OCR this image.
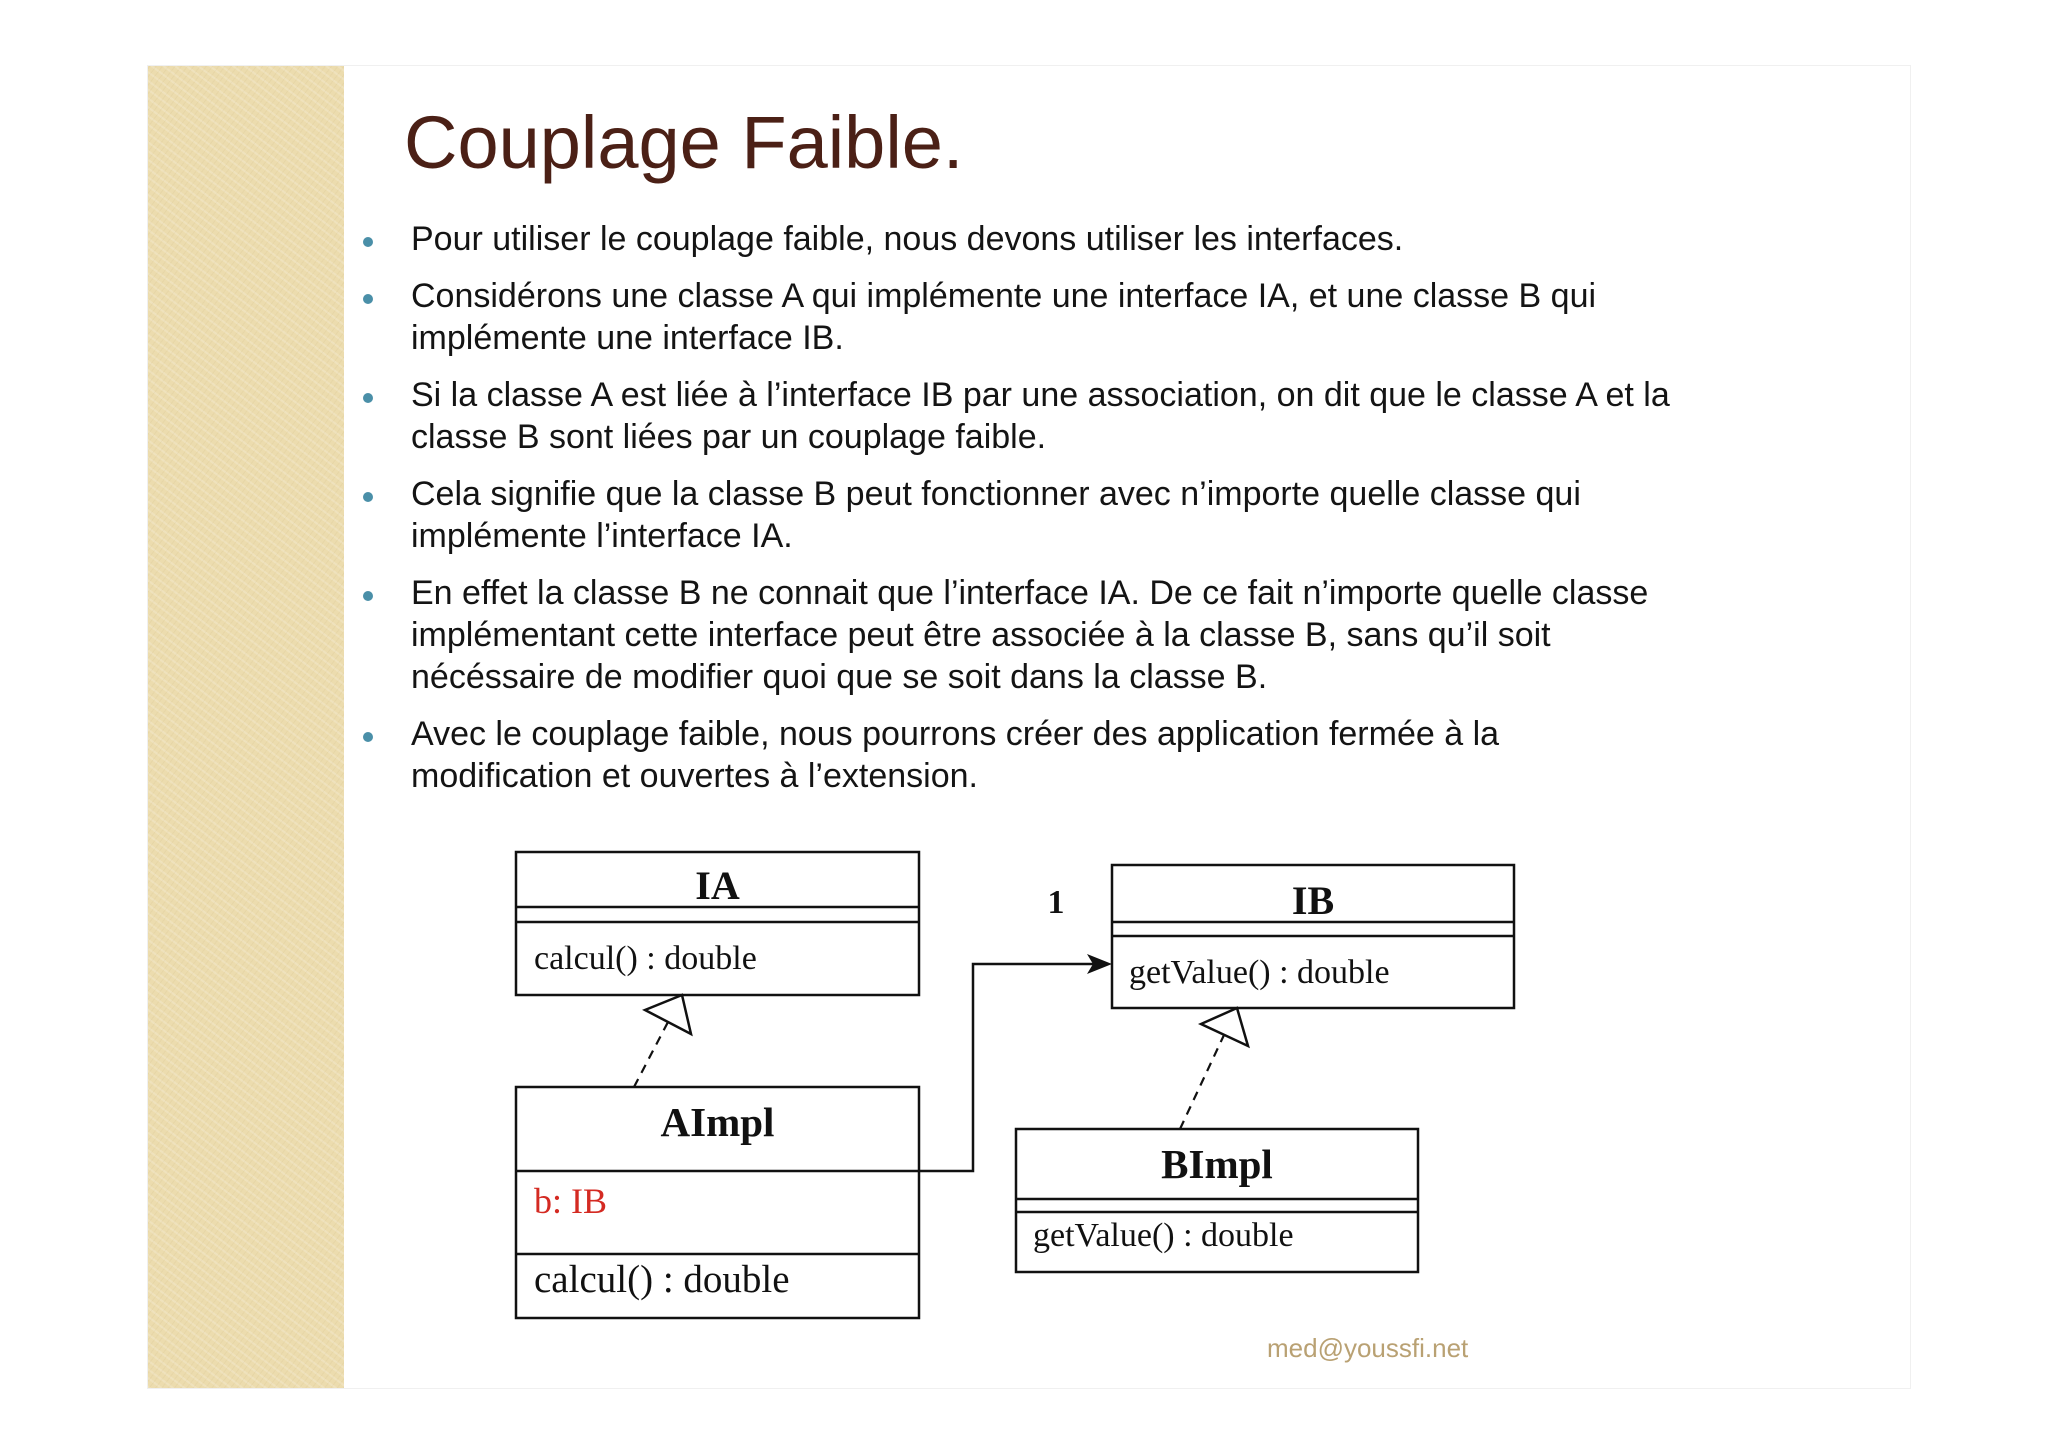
Couplage Faible.
Pour utiliser le couplage faible, nous devons utiliser les interfaces.
Considérons une classe A qui implémente une interface IA, et une classe B qui
implémente une interface IB.
Si la classe A est liée à l’interface IB par une association, on dit que le classe A et la
classe B sont liées par un couplage faible.
Cela signifie que la classe B peut fonctionner avec n’importe quelle classe qui
implémente l’interface IA.
En effet la classe B ne connait que l’interface IA. De ce fait n’importe quelle classe
implémentant cette interface peut être associée à la classe B, sans qu’il soit
nécéssaire de modifier quoi que se soit dans la classe B.
Avec le couplage faible, nous pourrons créer des application fermée à la
modification et ouvertes à l’extension.
IA
calcul() : double
IB
getValue() : double
AImpl
b: IB
calcul() : double
BImpl
getValue() : double
1
med@youssfi.net
